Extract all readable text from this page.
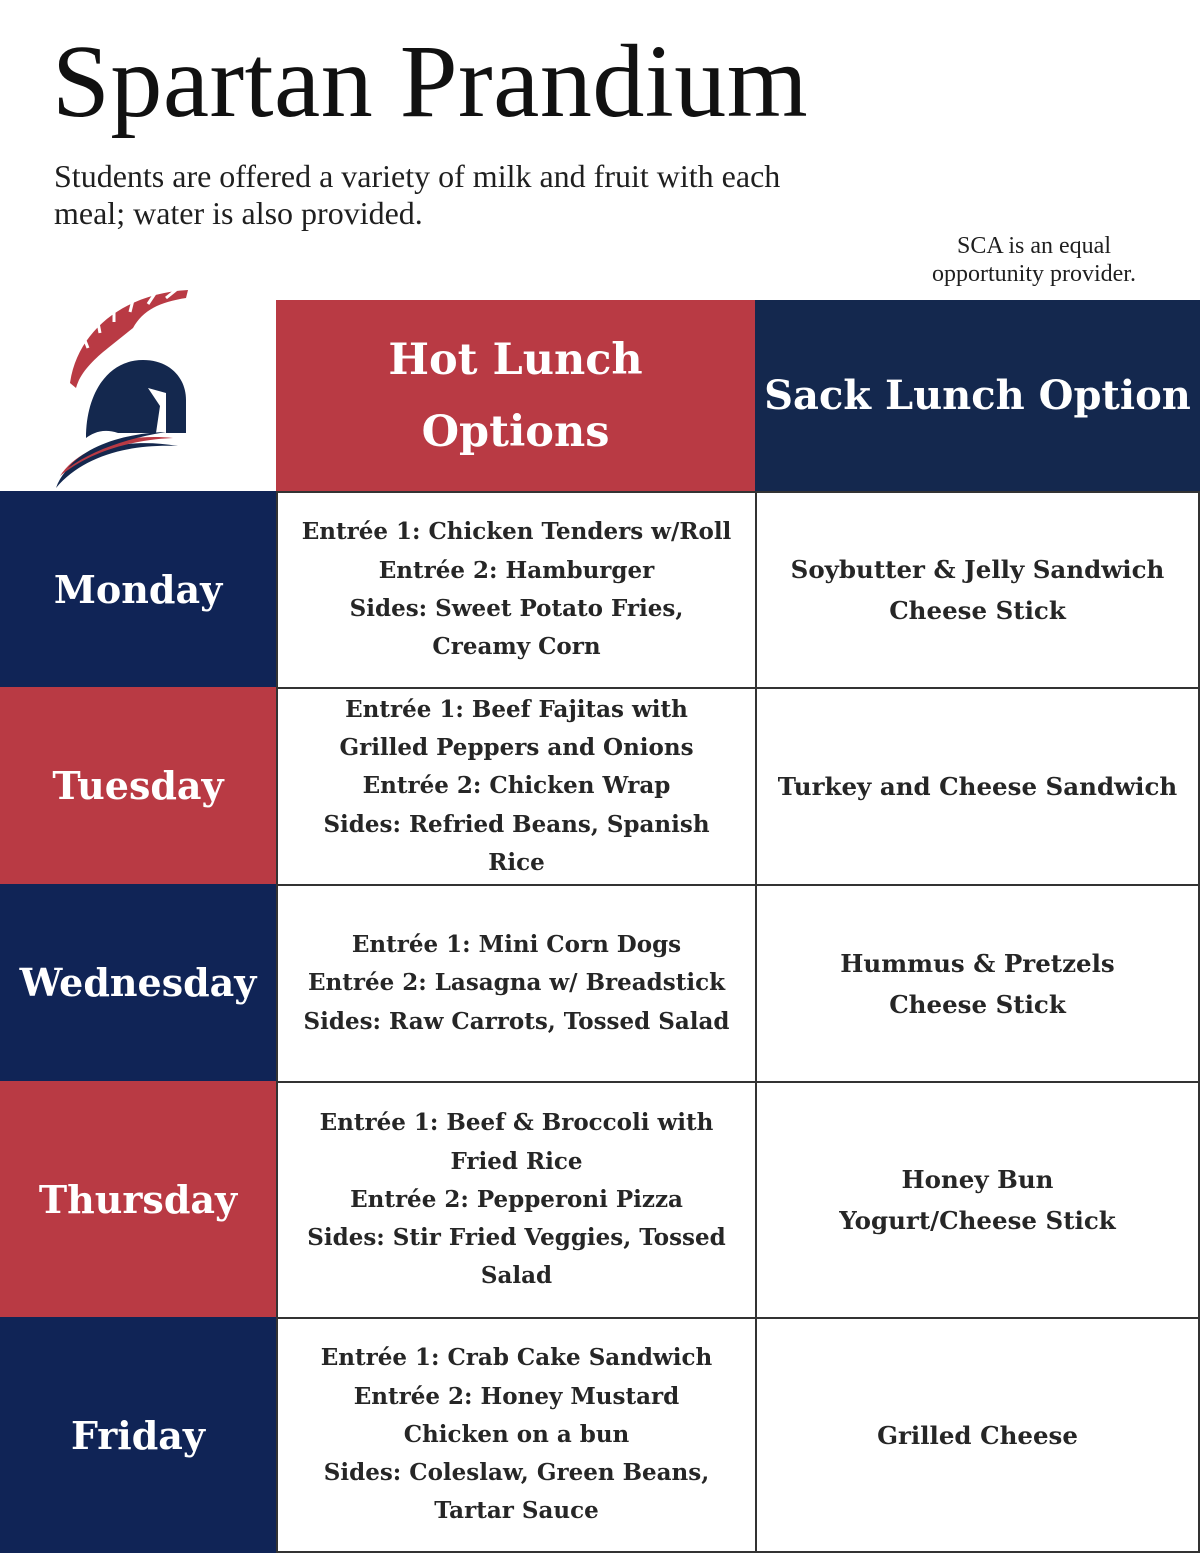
Spartan Prandium
Students are offered a variety of milk and fruit with each meal; water is also provided.
SCA is an equal opportunity provider.
Hot Lunch Options
Sack Lunch Option
Monday
Entrée 1: Chicken Tenders w/Roll
Entrée 2: Hamburger
Sides: Sweet Potato Fries, Creamy Corn
Soybutter & Jelly Sandwich
Cheese Stick
Tuesday
Entrée 1: Beef Fajitas with Grilled Peppers and Onions
Entrée 2: Chicken Wrap
Sides: Refried Beans, Spanish Rice
Turkey and Cheese Sandwich
Wednesday
Entrée 1: Mini Corn Dogs
Entrée 2: Lasagna w/ Breadstick
Sides: Raw Carrots, Tossed Salad
Hummus & Pretzels
Cheese Stick
Thursday
Entrée 1: Beef & Broccoli with Fried Rice
Entrée 2: Pepperoni Pizza
Sides: Stir Fried Veggies, Tossed Salad
Honey Bun
Yogurt/Cheese Stick
Friday
Entrée 1: Crab Cake Sandwich
Entrée 2: Honey Mustard Chicken on a bun
Sides: Coleslaw, Green Beans, Tartar Sauce
Grilled Cheese
